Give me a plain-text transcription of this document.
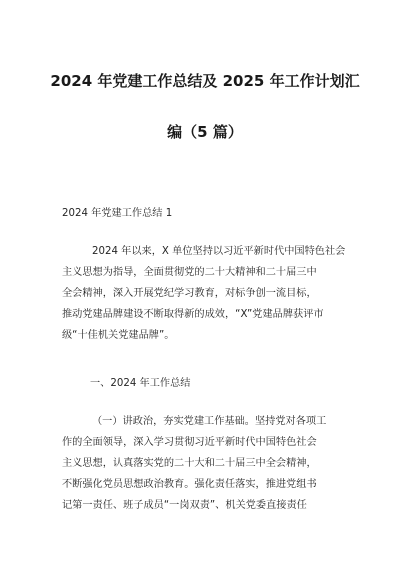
2024 年党建工作总结及 2025 年工作计划汇
编（5 篇）
2024 年党建工作总结 1
2024 年以来，X 单位坚持以习近平新时代中国特色社会
主义思想为指导，全面贯彻党的二十大精神和二十届三中
全会精神，深入开展党纪学习教育，对标争创一流目标，
推动党建品牌建设不断取得新的成效，“X”党建品牌获评市
级“十佳机关党建品牌”。
一、2024 年工作总结
（一）讲政治，夯实党建工作基础。坚持党对各项工
作的全面领导，深入学习贯彻习近平新时代中国特色社会
主义思想，认真落实党的二十大和二十届三中全会精神，
不断强化党员思想政治教育。强化责任落实，推进党组书
记第一责任、班子成员“一岗双责”、机关党委直接责任
